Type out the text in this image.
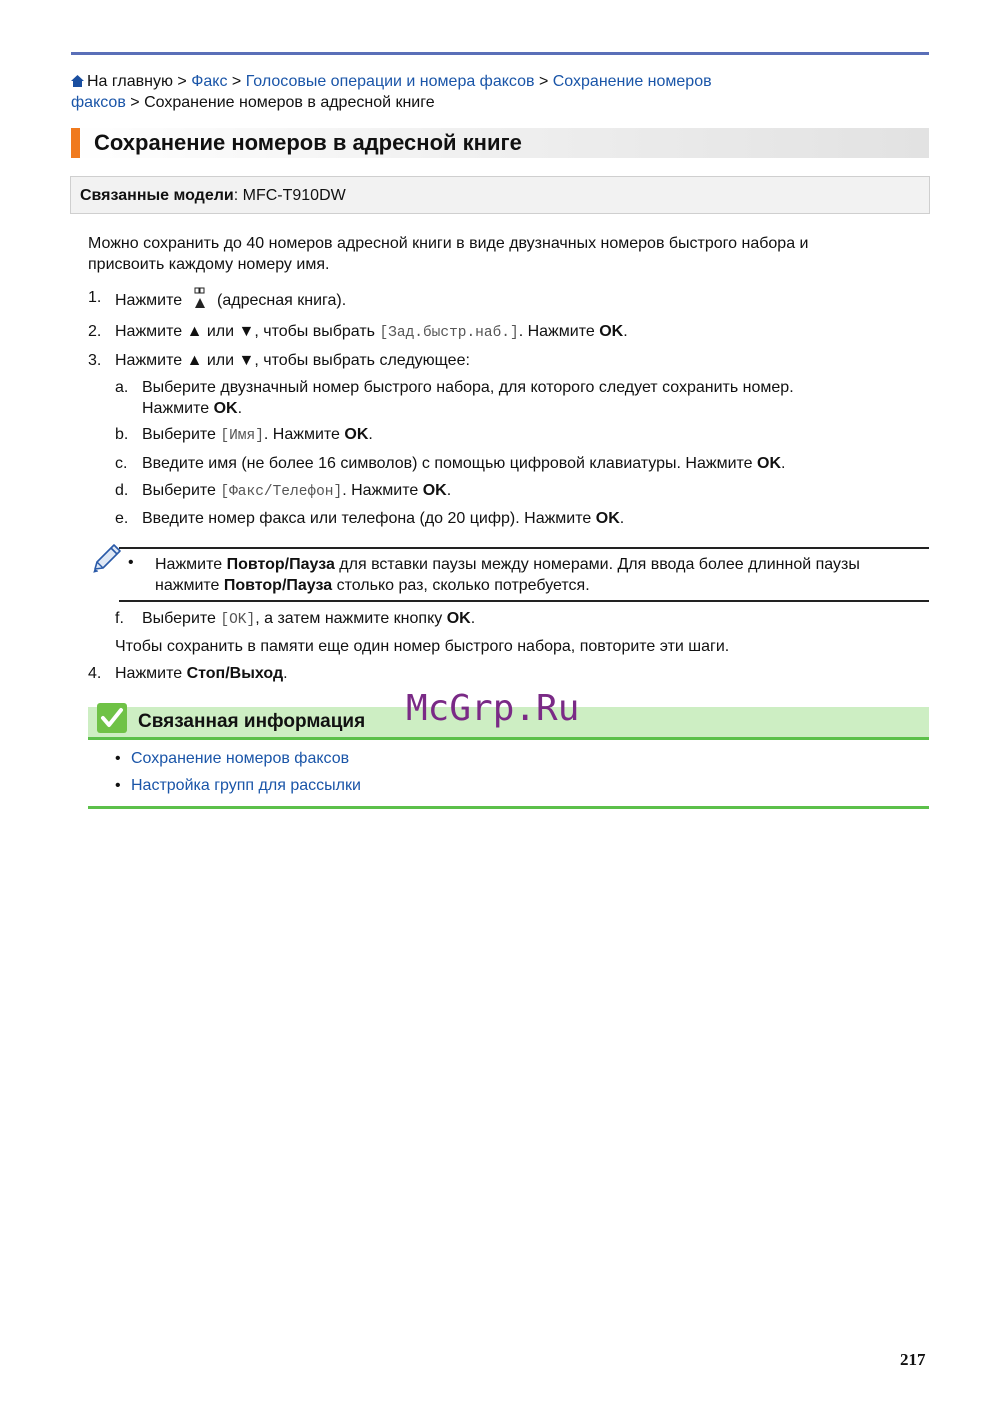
На главную > Факс > Голосовые операции и номера факсов > Сохранение номеров
факсов > Сохранение номеров в адресной книге
Сохранение номеров в адресной книге
Связанные модели: MFC-T910DW
Можно сохранить до 40 номеров адресной книги в виде двузначных номеров быстрого набора и присвоить каждому номеру имя.
1. Нажмите (адресная книга).
2. Нажмите ▲ или ▼, чтобы выбрать [Зад.быстр.наб.]. Нажмите OK.
3. Нажмите ▲ или ▼, чтобы выбрать следующее:
a. Выберите двузначный номер быстрого набора, для которого следует сохранить номер.
Нажмите OK.
b. Выберите [Имя]. Нажмите OK.
c. Введите имя (не более 16 символов) с помощью цифровой клавиатуры. Нажмите OK.
d. Выберите [Факс/Телефон]. Нажмите OK.
e. Введите номер факса или телефона (до 20 цифр). Нажмите OK.
• Нажмите Повтор/Пауза для вставки паузы между номерами. Для ввода более длинной паузы нажмите Повтор/Пауза столько раз, сколько потребуется.
f. Выберите [OK], а затем нажмите кнопку OK.
Чтобы сохранить в памяти еще один номер быстрого набора, повторите эти шаги.
4. Нажмите Стоп/Выход.
Связанная информация McGrp.Ru
• Сохранение номеров факсов
• Настройка групп для рассылки
217
